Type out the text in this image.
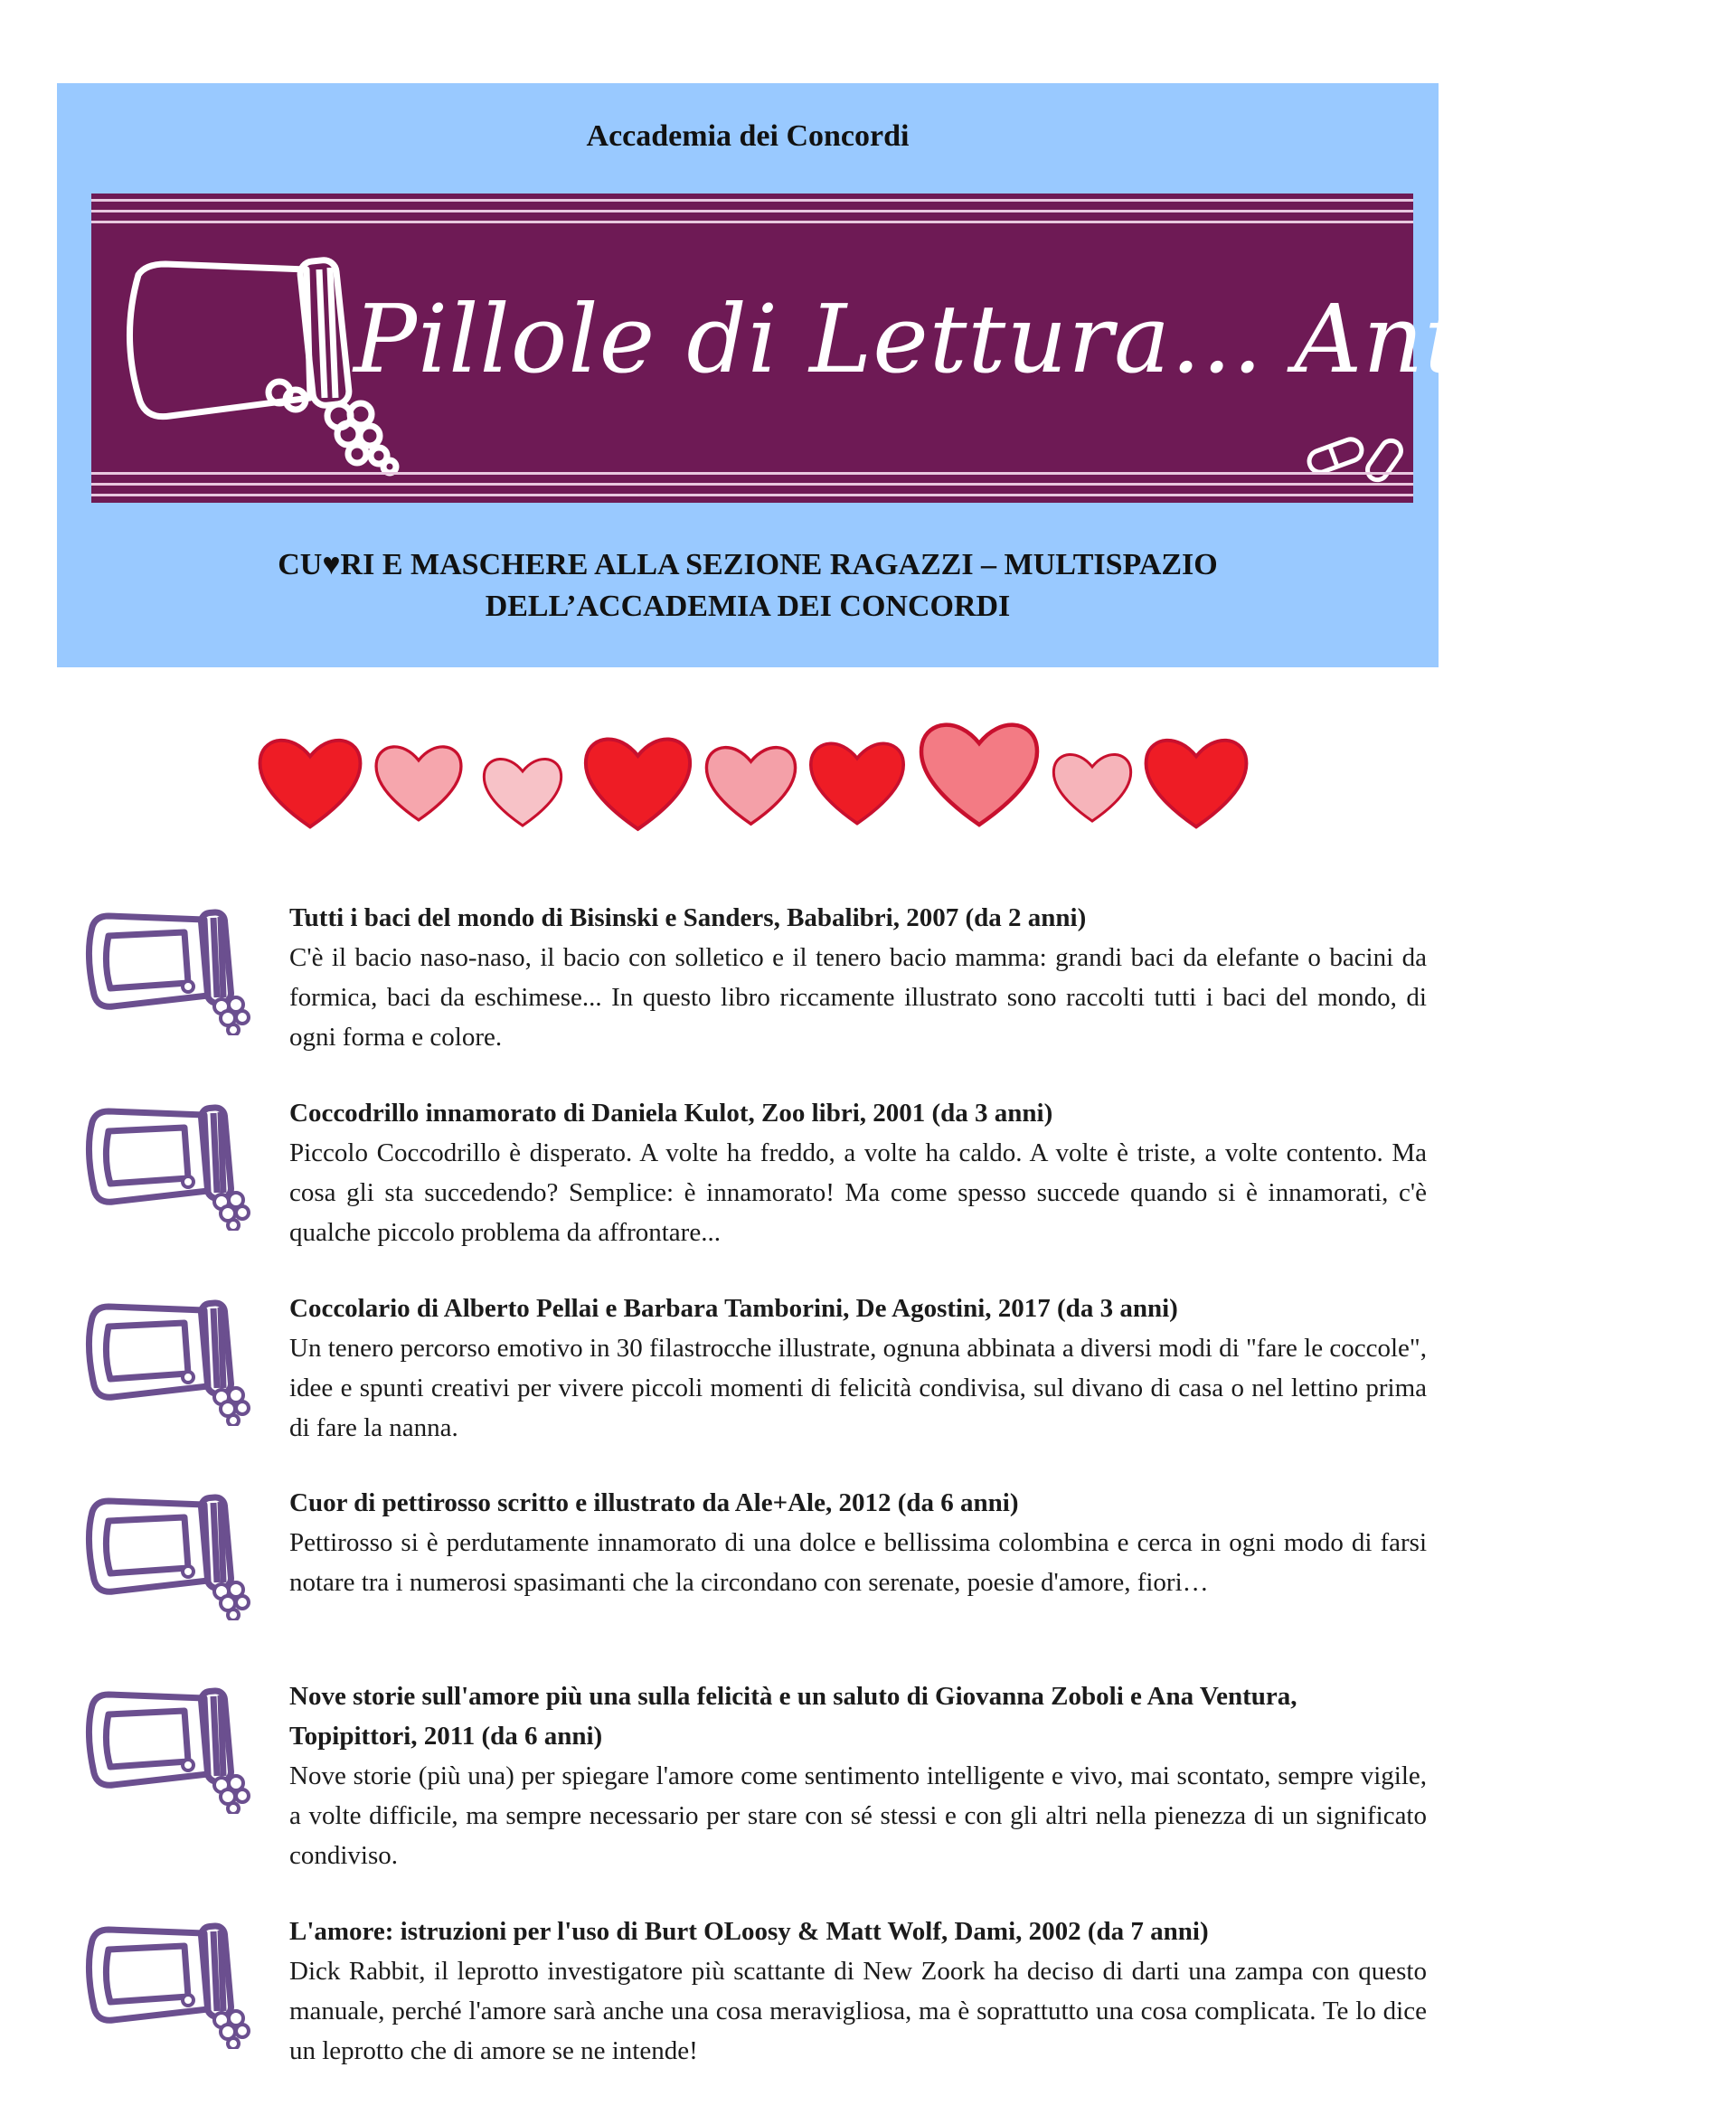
Accademia dei Concordi
Pillole di Lettura... Antivirus
CU♥RI E MASCHERE ALLA SEZIONE RAGAZZI – MULTISPAZIO
DELL’ACCADEMIA DEI CONCORDI
Tutti i baci del mondo di Bisinski e Sanders, Babalibri, 2007 (da 2 anni)
C'è il bacio naso-naso, il bacio con solletico e il tenero bacio mamma: grandi baci da elefante o bacini da formica, baci da eschimese... In questo libro riccamente illustrato sono raccolti tutti i baci del mondo, di ogni forma e colore.
Coccodrillo innamorato di Daniela Kulot, Zoo libri, 2001 (da 3 anni)
Piccolo Coccodrillo è disperato. A volte ha freddo, a volte ha caldo. A volte è triste, a volte contento. Ma cosa gli sta succedendo? Semplice: è innamorato! Ma come spesso succede quando si è innamorati, c'è qualche piccolo problema da affrontare...
Coccolario di Alberto Pellai e Barbara Tamborini, De Agostini, 2017 (da 3 anni)
Un tenero percorso emotivo in 30 filastrocche illustrate, ognuna abbinata a diversi modi di "fare le coccole", idee e spunti creativi per vivere piccoli momenti di felicità condivisa, sul divano di casa o nel lettino prima di fare la nanna.
Cuor di pettirosso scritto e illustrato da Ale+Ale, 2012 (da 6 anni)
Pettirosso si è perdutamente innamorato di una dolce e bellissima colombina e cerca in ogni modo di farsi notare tra i numerosi spasimanti che la circondano con serenate, poesie d'amore, fiori…
Nove storie sull'amore più una sulla felicità e un saluto di Giovanna Zoboli e Ana Ventura, Topipittori, 2011 (da 6 anni)
Nove storie (più una) per spiegare l'amore come sentimento intelligente e vivo, mai scontato, sempre vigile, a volte difficile, ma sempre necessario per stare con sé stessi e con gli altri nella pienezza di un significato condiviso.
L'amore: istruzioni per l'uso di Burt OLoosy & Matt Wolf, Dami, 2002 (da 7 anni)
Dick Rabbit, il leprotto investigatore più scattante di New Zoork ha deciso di darti una zampa con questo manuale, perché l'amore sarà anche una cosa meravigliosa, ma è soprattutto una cosa complicata. Te lo dice un leprotto che di amore se ne intende!
